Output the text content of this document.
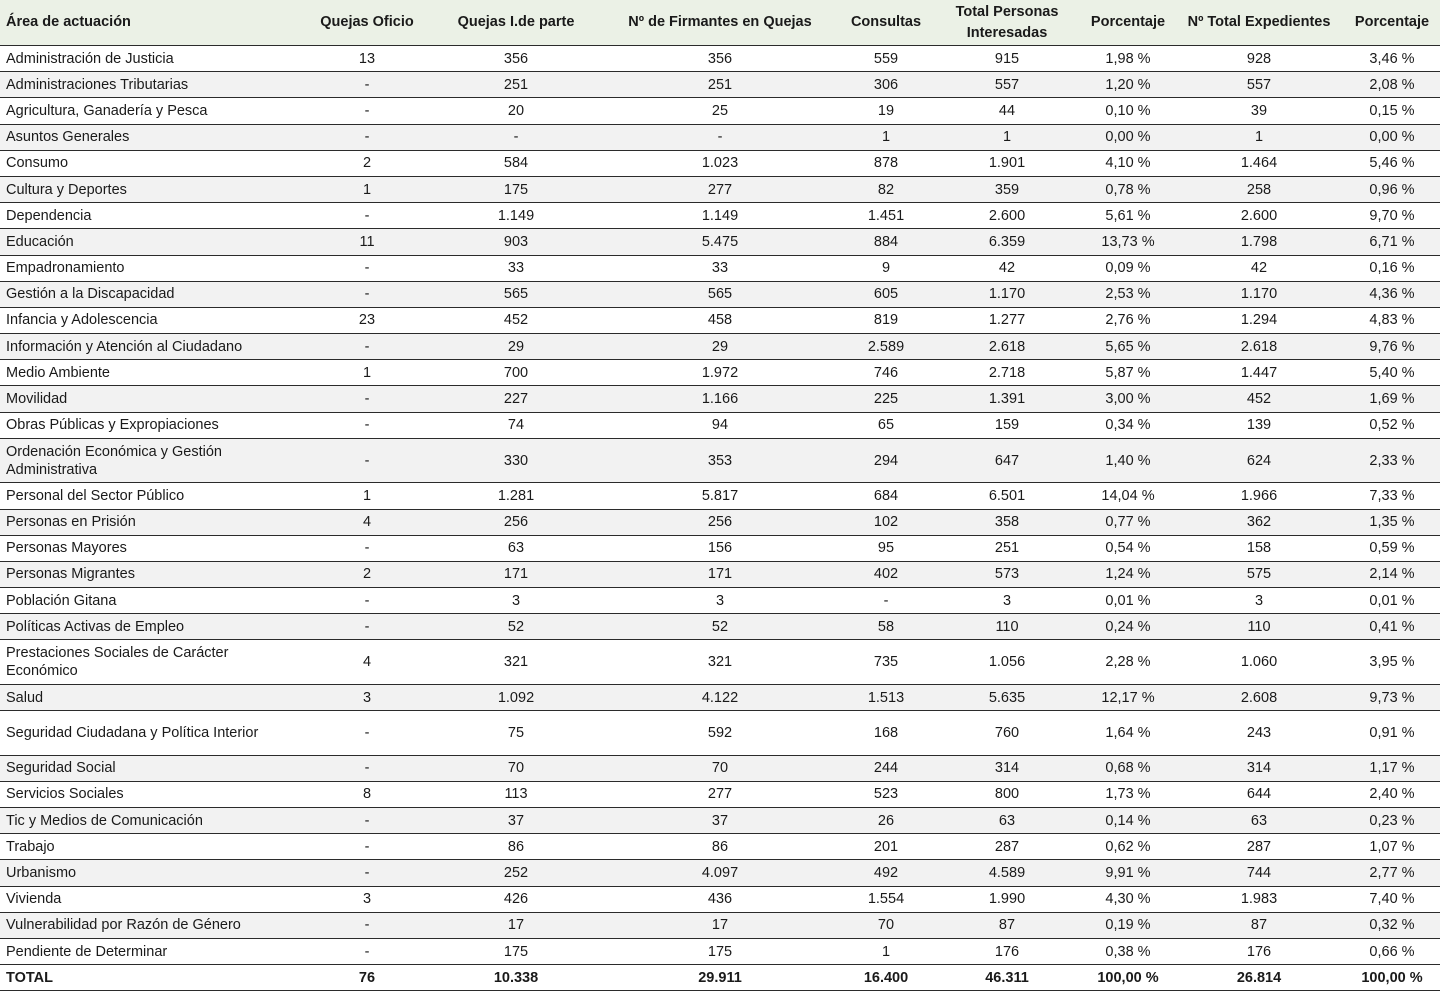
Área de actuación	Quejas Oficio	Quejas I.de parte	Nº de Firmantes en Quejas	Consultas	Total Personas Interesadas	Porcentaje	Nº Total Expedientes	Porcentaje
Administración de Justicia	13	356	356	559	915	1,98 %	928	3,46 %
Administraciones Tributarias	-	251	251	306	557	1,20 %	557	2,08 %
Agricultura, Ganadería y Pesca	-	20	25	19	44	0,10 %	39	0,15 %
Asuntos Generales	-	-	-	1	1	0,00 %	1	0,00 %
Consumo	2	584	1.023	878	1.901	4,10 %	1.464	5,46 %
Cultura y Deportes	1	175	277	82	359	0,78 %	258	0,96 %
Dependencia	-	1.149	1.149	1.451	2.600	5,61 %	2.600	9,70 %
Educación	11	903	5.475	884	6.359	13,73 %	1.798	6,71 %
Empadronamiento	-	33	33	9	42	0,09 %	42	0,16 %
Gestión a la Discapacidad	-	565	565	605	1.170	2,53 %	1.170	4,36 %
Infancia y Adolescencia	23	452	458	819	1.277	2,76 %	1.294	4,83 %
Información y Atención al Ciudadano	-	29	29	2.589	2.618	5,65 %	2.618	9,76 %
Medio Ambiente	1	700	1.972	746	2.718	5,87 %	1.447	5,40 %
Movilidad	-	227	1.166	225	1.391	3,00 %	452	1,69 %
Obras Públicas y Expropiaciones	-	74	94	65	159	0,34 %	139	0,52 %
Ordenación Económica y Gestión Administrativa	-	330	353	294	647	1,40 %	624	2,33 %
Personal del Sector Público	1	1.281	5.817	684	6.501	14,04 %	1.966	7,33 %
Personas en Prisión	4	256	256	102	358	0,77 %	362	1,35 %
Personas Mayores	-	63	156	95	251	0,54 %	158	0,59 %
Personas Migrantes	2	171	171	402	573	1,24 %	575	2,14 %
Población Gitana	-	3	3	-	3	0,01 %	3	0,01 %
Políticas Activas de Empleo	-	52	52	58	110	0,24 %	110	0,41 %
Prestaciones Sociales de Carácter Económico	4	321	321	735	1.056	2,28 %	1.060	3,95 %
Salud	3	1.092	4.122	1.513	5.635	12,17 %	2.608	9,73 %
Seguridad Ciudadana y Política Interior	-	75	592	168	760	1,64 %	243	0,91 %
Seguridad Social	-	70	70	244	314	0,68 %	314	1,17 %
Servicios Sociales	8	113	277	523	800	1,73 %	644	2,40 %
Tic y Medios de Comunicación	-	37	37	26	63	0,14 %	63	0,23 %
Trabajo	-	86	86	201	287	0,62 %	287	1,07 %
Urbanismo	-	252	4.097	492	4.589	9,91 %	744	2,77 %
Vivienda	3	426	436	1.554	1.990	4,30 %	1.983	7,40 %
Vulnerabilidad por Razón de Género	-	17	17	70	87	0,19 %	87	0,32 %
Pendiente de Determinar	-	175	175	1	176	0,38 %	176	0,66 %
TOTAL	76	10.338	29.911	16.400	46.311	100,00 %	26.814	100,00 %
